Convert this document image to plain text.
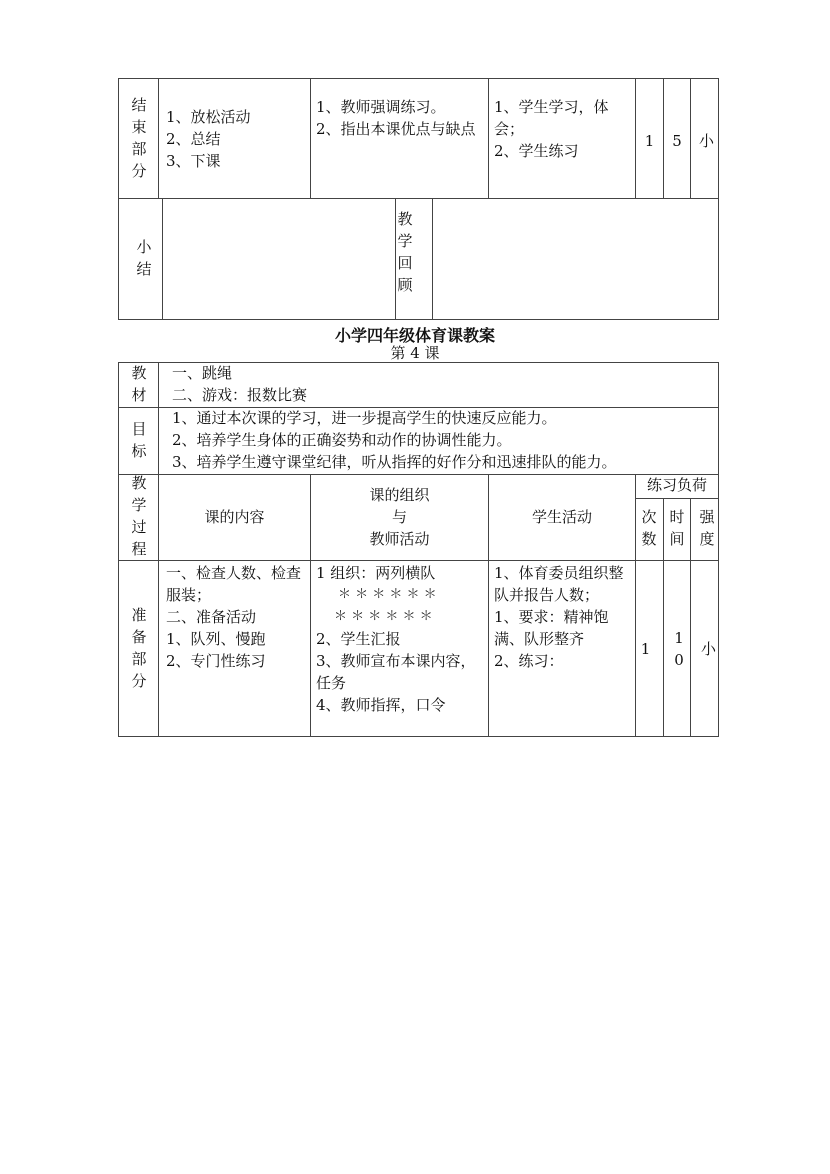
结
束
部
分
1、放松活动
2、总结
3、下课
1、教师强调练习。
2、指出本课优点与缺点
1、学生学习，体会；
2、学生练习
1	5	小
小
结
教
学
回
顾
小学四年级体育课教案
第 4 课
教
材
一、跳绳
二、游戏：报数比赛
目
标
1、通过本次课的学习，进一步提高学生的快速反应能力。
2、培养学生身体的正确姿势和动作的协调性能力。
3、培养学生遵守课堂纪律，听从指挥的好作分和迅速排队的能力。
教
学
过
程
课的内容
课的组织
与
教师活动
学生活动
练习负荷
次
数
时
间
强
度
准
备
部
分
一、检查人数、检查服装；
二、准备活动
1、队列、慢跑
2、专门性练习
1 组织：两列横队
＊ ＊ ＊ ＊ ＊ ＊
＊ ＊ ＊ ＊ ＊ ＊
2、学生汇报
3、教师宣布本课内容，任务
4、教师指挥，口令
1、体育委员组织整队并报告人数；
1、要求：精神饱满、队形整齐
2、练习：
1
1
0
小
